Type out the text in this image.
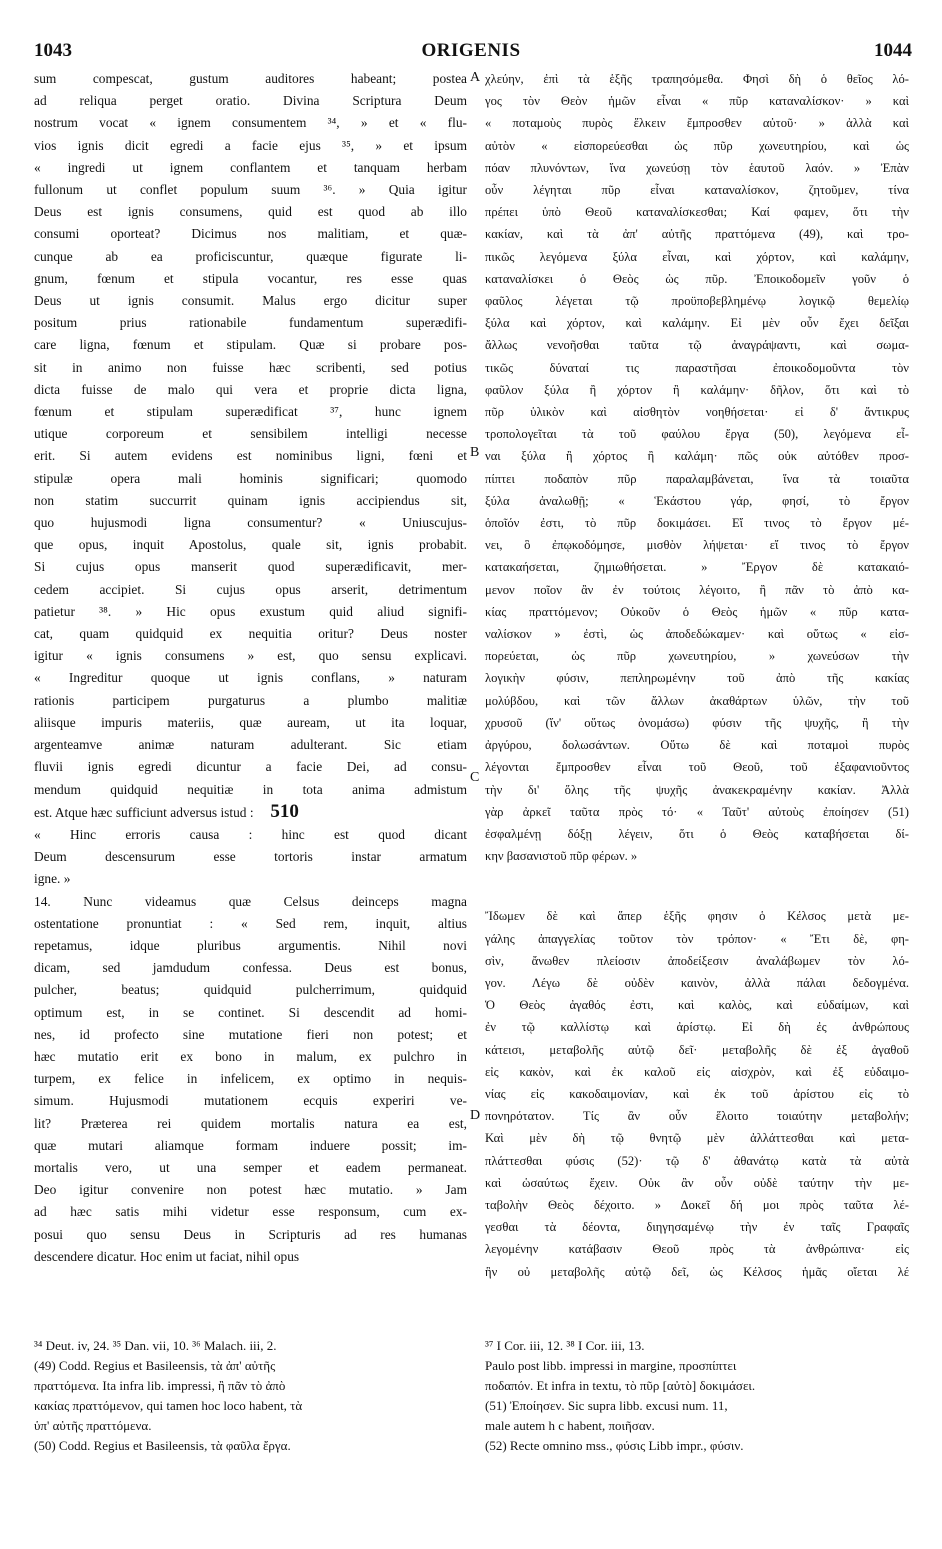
1043	ORIGENIS	1044
sum compescat, gustum auditores habeant; postea
ad reliqua perget oratio. Divina Scriptura Deum
nostrum vocat « ignem consumentem ³⁴, » et « flu-
vios ignis dicit egredi a facie ejus ³⁵, » et ipsum
« ingredi ut ignem conflantem et tanquam herbam
fullonum ut conflet populum suum ³⁶. » Quia igitur
Deus est ignis consumens, quid est quod ab illo
consumi oporteat? Dicimus nos malitiam, et quæ-
cunque ab ea proficiscuntur, quæque figurate li-
gnum, fœnum et stipula vocantur, res esse quas
Deus ut ignis consumit. Malus ergo dicitur super
positum prius rationabile fundamentum superædifi-
care ligna, fœnum et stipulam. Quæ si probare pos-
sit in animo non fuisse hæc scribenti, sed potius
dicta fuisse de malo qui vera et proprie dicta ligna,
fœnum et stipulam superædificat ³⁷, hunc ignem
utique corporeum et sensibilem intelligi necesse
erit. Si autem evidens est nominibus ligni, fœni et
stipulæ opera mali hominis significari; quomodo
non statim succurrit quinam ignis accipiendus sit,
quo hujusmodi ligna consumentur? « Uniuscujus-
que opus, inquit Apostolus, quale sit, ignis probabit.
Si cujus opus manserit quod superædificavit, mer-
cedem accipiet. Si cujus opus arserit, detrimentum
patietur ³⁸. » Hic opus exustum quid aliud signifi-
cat, quam quidquid ex nequitia oritur? Deus noster
igitur « ignis consumens » est, quo sensu explicavi.
« Ingreditur quoque ut ignis conflans, » naturam
rationis participem purgaturus a plumbo malitiæ
aliisque impuris materiis, quæ auream, ut ita loquar,
argenteamve animæ naturam adulterant. Sic etiam
fluvii ignis egredi dicuntur a facie Dei, ad consu-
mendum quidquid nequitiæ in tota anima admistum
est. Atque hæc sufficiunt adversus istud : 510
« Hinc erroris causa : hinc est quod dicant
Deum descensurum esse tortoris instar armatum
igne. »
14. Nunc videamus quæ Celsus deinceps magna
ostentatione pronuntiat : « Sed rem, inquit, altius
repetamus, idque pluribus argumentis. Nihil novi
dicam, sed jamdudum confessa. Deus est bonus,
pulcher, beatus; quidquid pulcherrimum, quidquid
optimum est, in se continet. Si descendit ad homi-
nes, id profecto sine mutatione fieri non potest; et
hæc mutatio erit ex bono in malum, ex pulchro in
turpem, ex felice in infelicem, ex optimo in nequis-
simum. Hujusmodi mutationem ecquis experiri ve-
lit? Præterea rei quidem mortalis natura ea est,
quæ mutari aliamque formam induere possit; im-
mortalis vero, ut una semper et eadem permaneat.
Deo igitur convenire non potest hæc mutatio. » Jam
ad hæc satis mihi videtur esse responsum, cum ex-
posui quo sensu Deus in Scripturis ad res humanas
descendere dicatur. Hoc enim ut faciat, nihil opus
χλεύην, ἐπὶ τὰ ἑξῆς τραπησόμεθα. Φησὶ δὴ ὁ θεῖος λό-
γος τὸν Θεὸν ἡμῶν εἶναι « πῦρ καταναλίσκον· » καὶ
« ποταμοὺς πυρὸς ἕλκειν ἔμπροσθεν αὐτοῦ· » ἀλλὰ καὶ
αὐτὸν « εἰσπορεύεσθαι ὡς πῦρ χωνευτηρίου, καὶ ὡς
πόαν πλυνόντων, ἵνα χωνεύσῃ τὸν ἑαυτοῦ λαόν. » Ἐπὰν
οὖν λέγηται πῦρ εἶναι καταναλίσκον, ζητοῦμεν, τίνα
πρέπει ὑπὸ Θεοῦ καταναλίσκεσθαι; Καί φαμεν, ὅτι τὴν
κακίαν, καὶ τὰ ἀπ' αὐτῆς πραττόμενα (49), καὶ τρο-
πικῶς λεγόμενα ξύλα εἶναι, καὶ χόρτον, καὶ καλάμην,
καταναλίσκει ὁ Θεὸς ὡς πῦρ. Ἐποικοδομεῖν γοῦν ὁ
φαῦλος λέγεται τῷ προϋποβεβλημένῳ λογικῷ θεμελίῳ
ξύλα καὶ χόρτον, καὶ καλάμην. Εἰ μὲν οὖν ἔχει δεῖξαι
ἄλλως νενοῆσθαι ταῦτα τῷ ἀναγράψαντι, καὶ σωμα-
τικῶς δύναταί τις παραστῆσαι ἐποικοδομοῦντα τὸν
φαῦλον ξύλα ἢ χόρτον ἢ καλάμην· δῆλον, ὅτι καὶ τὸ
πῦρ ὑλικὸν καὶ αἰσθητὸν νοηθήσεται· εἰ δ' ἄντικρυς
τροπολογεῖται τὰ τοῦ φαύλου ἔργα (50), λεγόμενα εἶ-
ναι ξύλα ἢ χόρτος ἢ καλάμη· πῶς οὐκ αὐτόθεν προσ-
πίπτει ποδαπὸν πῦρ παραλαμβάνεται, ἵνα τὰ τοιαῦτα
ξύλα ἀναλωθῇ; « Ἑκάστου γάρ, φησί, τὸ ἔργον
ὁποῖόν ἐστι, τὸ πῦρ δοκιμάσει. Εἴ τινος τὸ ἔργον μέ-
νει, ὃ ἐπῳκοδόμησε, μισθὸν λήψεται· εἴ τινος τὸ ἔργον
κατακαήσεται, ζημιωθήσεται. » Ἔργον δὲ κατακαιό-
μενον ποῖον ἂν ἐν τούτοις λέγοιτο, ἢ πᾶν τὸ ἀπὸ κα-
κίας πραττόμενον; Οὐκοῦν ὁ Θεὸς ἡμῶν « πῦρ κατα-
ναλίσκον » ἐστὶ, ὡς ἀποδεδώκαμεν· καὶ οὕτως « εἰσ-
πορεύεται, ὡς πῦρ χωνευτηρίου, » χωνεύσων τὴν
λογικὴν φύσιν, πεπληρωμένην τοῦ ἀπὸ τῆς κακίας
μολύβδου, καὶ τῶν ἄλλων ἀκαθάρτων ὑλῶν, τὴν τοῦ
χρυσοῦ (ἵν' οὕτως ὀνομάσω) φύσιν τῆς ψυχῆς, ἢ τὴν
ἀργύρου, δολωσάντων. Οὕτω δὲ καὶ ποταμοὶ πυρὸς
λέγονται ἔμπροσθεν εἶναι τοῦ Θεοῦ, τοῦ ἐξαφανιοῦντος
τὴν δι' ὅλης τῆς ψυχῆς ἀνακεκραμένην κακίαν. Ἀλλὰ
γὰρ ἀρκεῖ ταῦτα πρὸς τό· « Ταῦτ' αὐτοὺς ἐποίησεν (51)
ἐσφαλμένῃ δόξῃ λέγειν, ὅτι ὁ Θεὸς καταβήσεται δί-
κην βασανιστοῦ πῦρ φέρων. »
Ἴδωμεν δὲ καὶ ἅπερ ἑξῆς φησιν ὁ Κέλσος μετὰ με-
γάλης ἀπαγγελίας τοῦτον τὸν τρόπον· « Ἔτι δὲ, φη-
σὶν, ἄνωθεν πλείοσιν ἀποδείξεσιν ἀναλάβωμεν τὸν λό-
γον. Λέγω δὲ οὐδὲν καινὸν, ἀλλὰ πάλαι δεδογμένα.
Ὁ Θεὸς ἀγαθός ἐστι, καὶ καλὸς, καὶ εὐδαίμων, καὶ
ἐν τῷ καλλίστῳ καὶ ἀρίστῳ. Εἰ δὴ ἐς ἀνθρώπους
κάτεισι, μεταβολῆς αὐτῷ δεῖ· μεταβολῆς δὲ ἐξ ἀγαθοῦ
εἰς κακὸν, καὶ ἐκ καλοῦ εἰς αἰσχρὸν, καὶ ἐξ εὐδαιμο-
νίας εἰς κακοδαιμονίαν, καὶ ἐκ τοῦ ἀρίστου εἰς τὸ
πονηρότατον. Τίς ἂν οὖν ἕλοιτο τοιαύτην μεταβολήν;
Καὶ μὲν δὴ τῷ θνητῷ μὲν ἀλλάττεσθαι καὶ μετα-
πλάττεσθαι φύσις (52)· τῷ δ' ἀθανάτῳ κατὰ τὰ αὐτὰ
καὶ ὡσαύτως ἔχειν. Οὐκ ἂν οὖν οὐδὲ ταύτην τὴν με-
ταβολὴν Θεὸς δέχοιτο. » Δοκεῖ δή μοι πρὸς ταῦτα λέ-
γεσθαι τὰ δέοντα, διηγησαμένῳ τὴν ἐν ταῖς Γραφαῖς
λεγομένην κατάβασιν Θεοῦ πρὸς τὰ ἀνθρώπινα· εἰς
ἣν οὐ μεταβολῆς αὐτῷ δεῖ, ὡς Κέλσος ἡμᾶς οἴεται λέ
A
B
C
D
³⁴ Deut. iv, 24. ³⁵ Dan. vii, 10. ³⁶ Malach. iii, 2.
(49) Codd. Regius et Basileensis, τὰ ἀπ' αὐτῆς
πραττόμενα. Ita infra lib. impressi, ἢ πᾶν τὸ ἀπὸ
κακίας πραττόμενον, qui tamen hoc loco habent, τὰ
ὑπ' αὐτῆς πραττόμενα.
(50) Codd. Regius et Basileensis, τὰ φαῦλα ἔργα.
³⁷ I Cor. iii, 12. ³⁸ I Cor. iii, 13.
Paulo post libb. impressi in margine, προσπίπτει
ποδαπόν. Et infra in textu, τὸ πῦρ [αὐτὸ] δοκιμάσει.
(51) Ἐποίησεν. Sic supra libb. excusi num. 11,
male autem h c habent, ποιῆσαν.
(52) Recte omnino mss., φύσις Libb impr., φύσιν.
